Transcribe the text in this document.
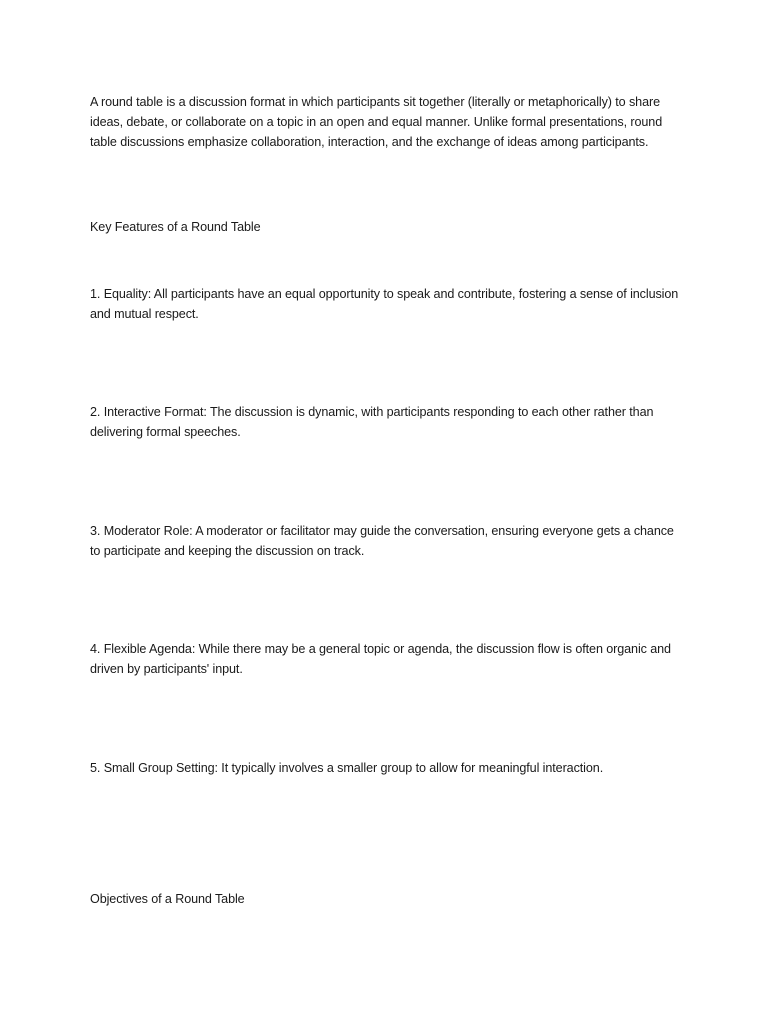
A round table is a discussion format in which participants sit together (literally or metaphorically) to share ideas, debate, or collaborate on a topic in an open and equal manner. Unlike formal presentations, round table discussions emphasize collaboration, interaction, and the exchange of ideas among participants.

Key Features of a Round Table

1. Equality: All participants have an equal opportunity to speak and contribute, fostering a sense of inclusion and mutual respect.

2. Interactive Format: The discussion is dynamic, with participants responding to each other rather than delivering formal speeches.

3. Moderator Role: A moderator or facilitator may guide the conversation, ensuring everyone gets a chance to participate and keeping the discussion on track.

4. Flexible Agenda: While there may be a general topic or agenda, the discussion flow is often organic and driven by participants' input.

5. Small Group Setting: It typically involves a smaller group to allow for meaningful interaction.

Objectives of a Round Table
